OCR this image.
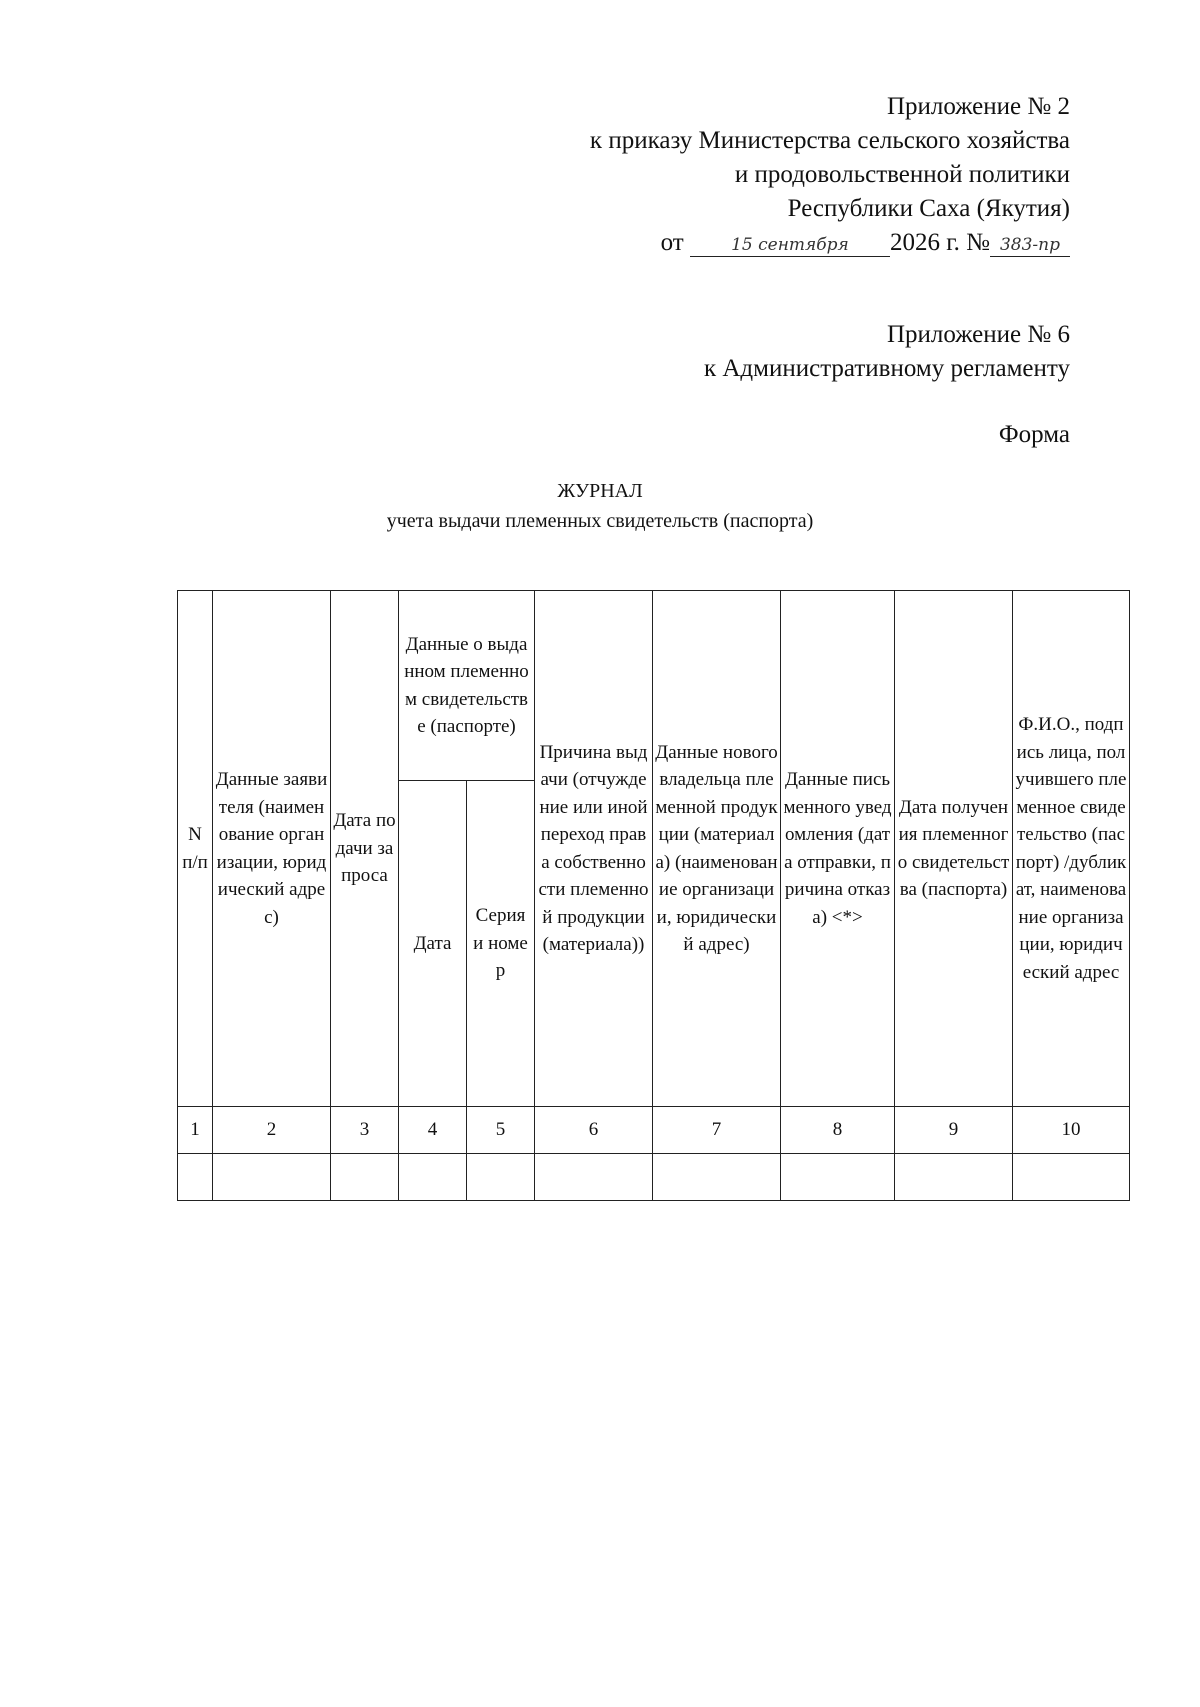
Приложение № 2
к приказу Министерства сельского хозяйства
и продовольственной политики
Республики Саха (Якутия)
от	15 сентября 2026 г. № 383-пр
Приложение № 6
к Административному регламенту
Форма
ЖУРНАЛ
учета выдачи племенных свидетельств (паспорта)
N п/п	Данные заявителя (наименование организации, юридический адрес)	Дата подачи запроса	Данные о выданном племенном свидетельстве (паспорте)		Причина выдачи (отчуждение или иной переход права собственности племенной продукции (материала))	Данные нового владельца племенной продукции (материала) (наименование организации, юридический адрес)	Данные письменного уведомления (дата отправки, причина отказа) <*>	Дата получения племенного свидетельства (паспорта)	Ф.И.О., подпись лица, получившего племенное свидетельство (паспорт) /дубликат, наименование организации, юридический адрес
			Дата	Серия и номер					
1	2	3	4	5	6	7	8	9	10
